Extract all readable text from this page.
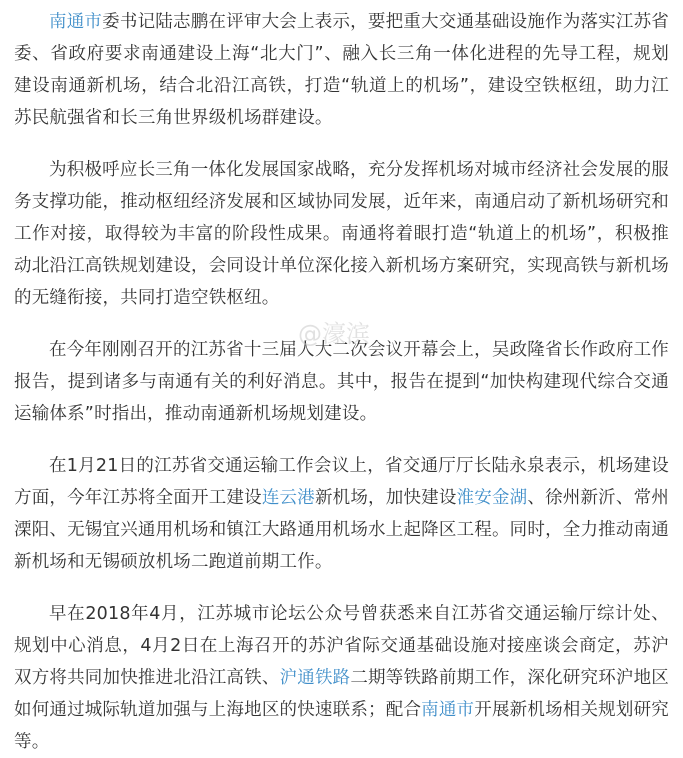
南通市委书记陆志鹏在评审大会上表示，要把重大交通基础设施作为落实江苏省委、省政府要求南通建设上海“北大门”、融入长三角一体化进程的先导工程，规划建设南通新机场，结合北沿江高铁，打造“轨道上的机场”，建设空铁枢纽，助力江苏民航强省和长三角世界级机场群建设。

为积极呼应长三角一体化发展国家战略，充分发挥机场对城市经济社会发展的服务支撑功能，推动枢纽经济发展和区域协同发展，近年来，南通启动了新机场研究和工作对接，取得较为丰富的阶段性成果。南通将着眼打造“轨道上的机场”，积极推动北沿江高铁规划建设，会同设计单位深化接入新机场方案研究，实现高铁与新机场的无缝衔接，共同打造空铁枢纽。

在今年刚刚召开的江苏省十三届人大二次会议开幕会上，吴政隆省长作政府工作报告，提到诸多与南通有关的利好消息。其中，报告在提到“加快构建现代综合交通运输体系”时指出，推动南通新机场规划建设。

在1月21日的江苏省交通运输工作会议上，省交通厅厅长陆永泉表示，机场建设方面，今年江苏将全面开工建设连云港新机场，加快建设淮安金湖、徐州新沂、常州溧阳、无锡宜兴通用机场和镇江大路通用机场水上起降区工程。同时，全力推动南通新机场和无锡硕放机场二跑道前期工作。

早在2018年4月，江苏城市论坛公众号曾获悉来自江苏省交通运输厅综计处、规划中心消息，4月2日在上海召开的苏沪省际交通基础设施对接座谈会商定，苏沪双方将共同加快推进北沿江高铁、沪通铁路二期等铁路前期工作，深化研究环沪地区如何通过城际轨道加强与上海地区的快速联系；配合南通市开展新机场相关规划研究等。

@濠滨
